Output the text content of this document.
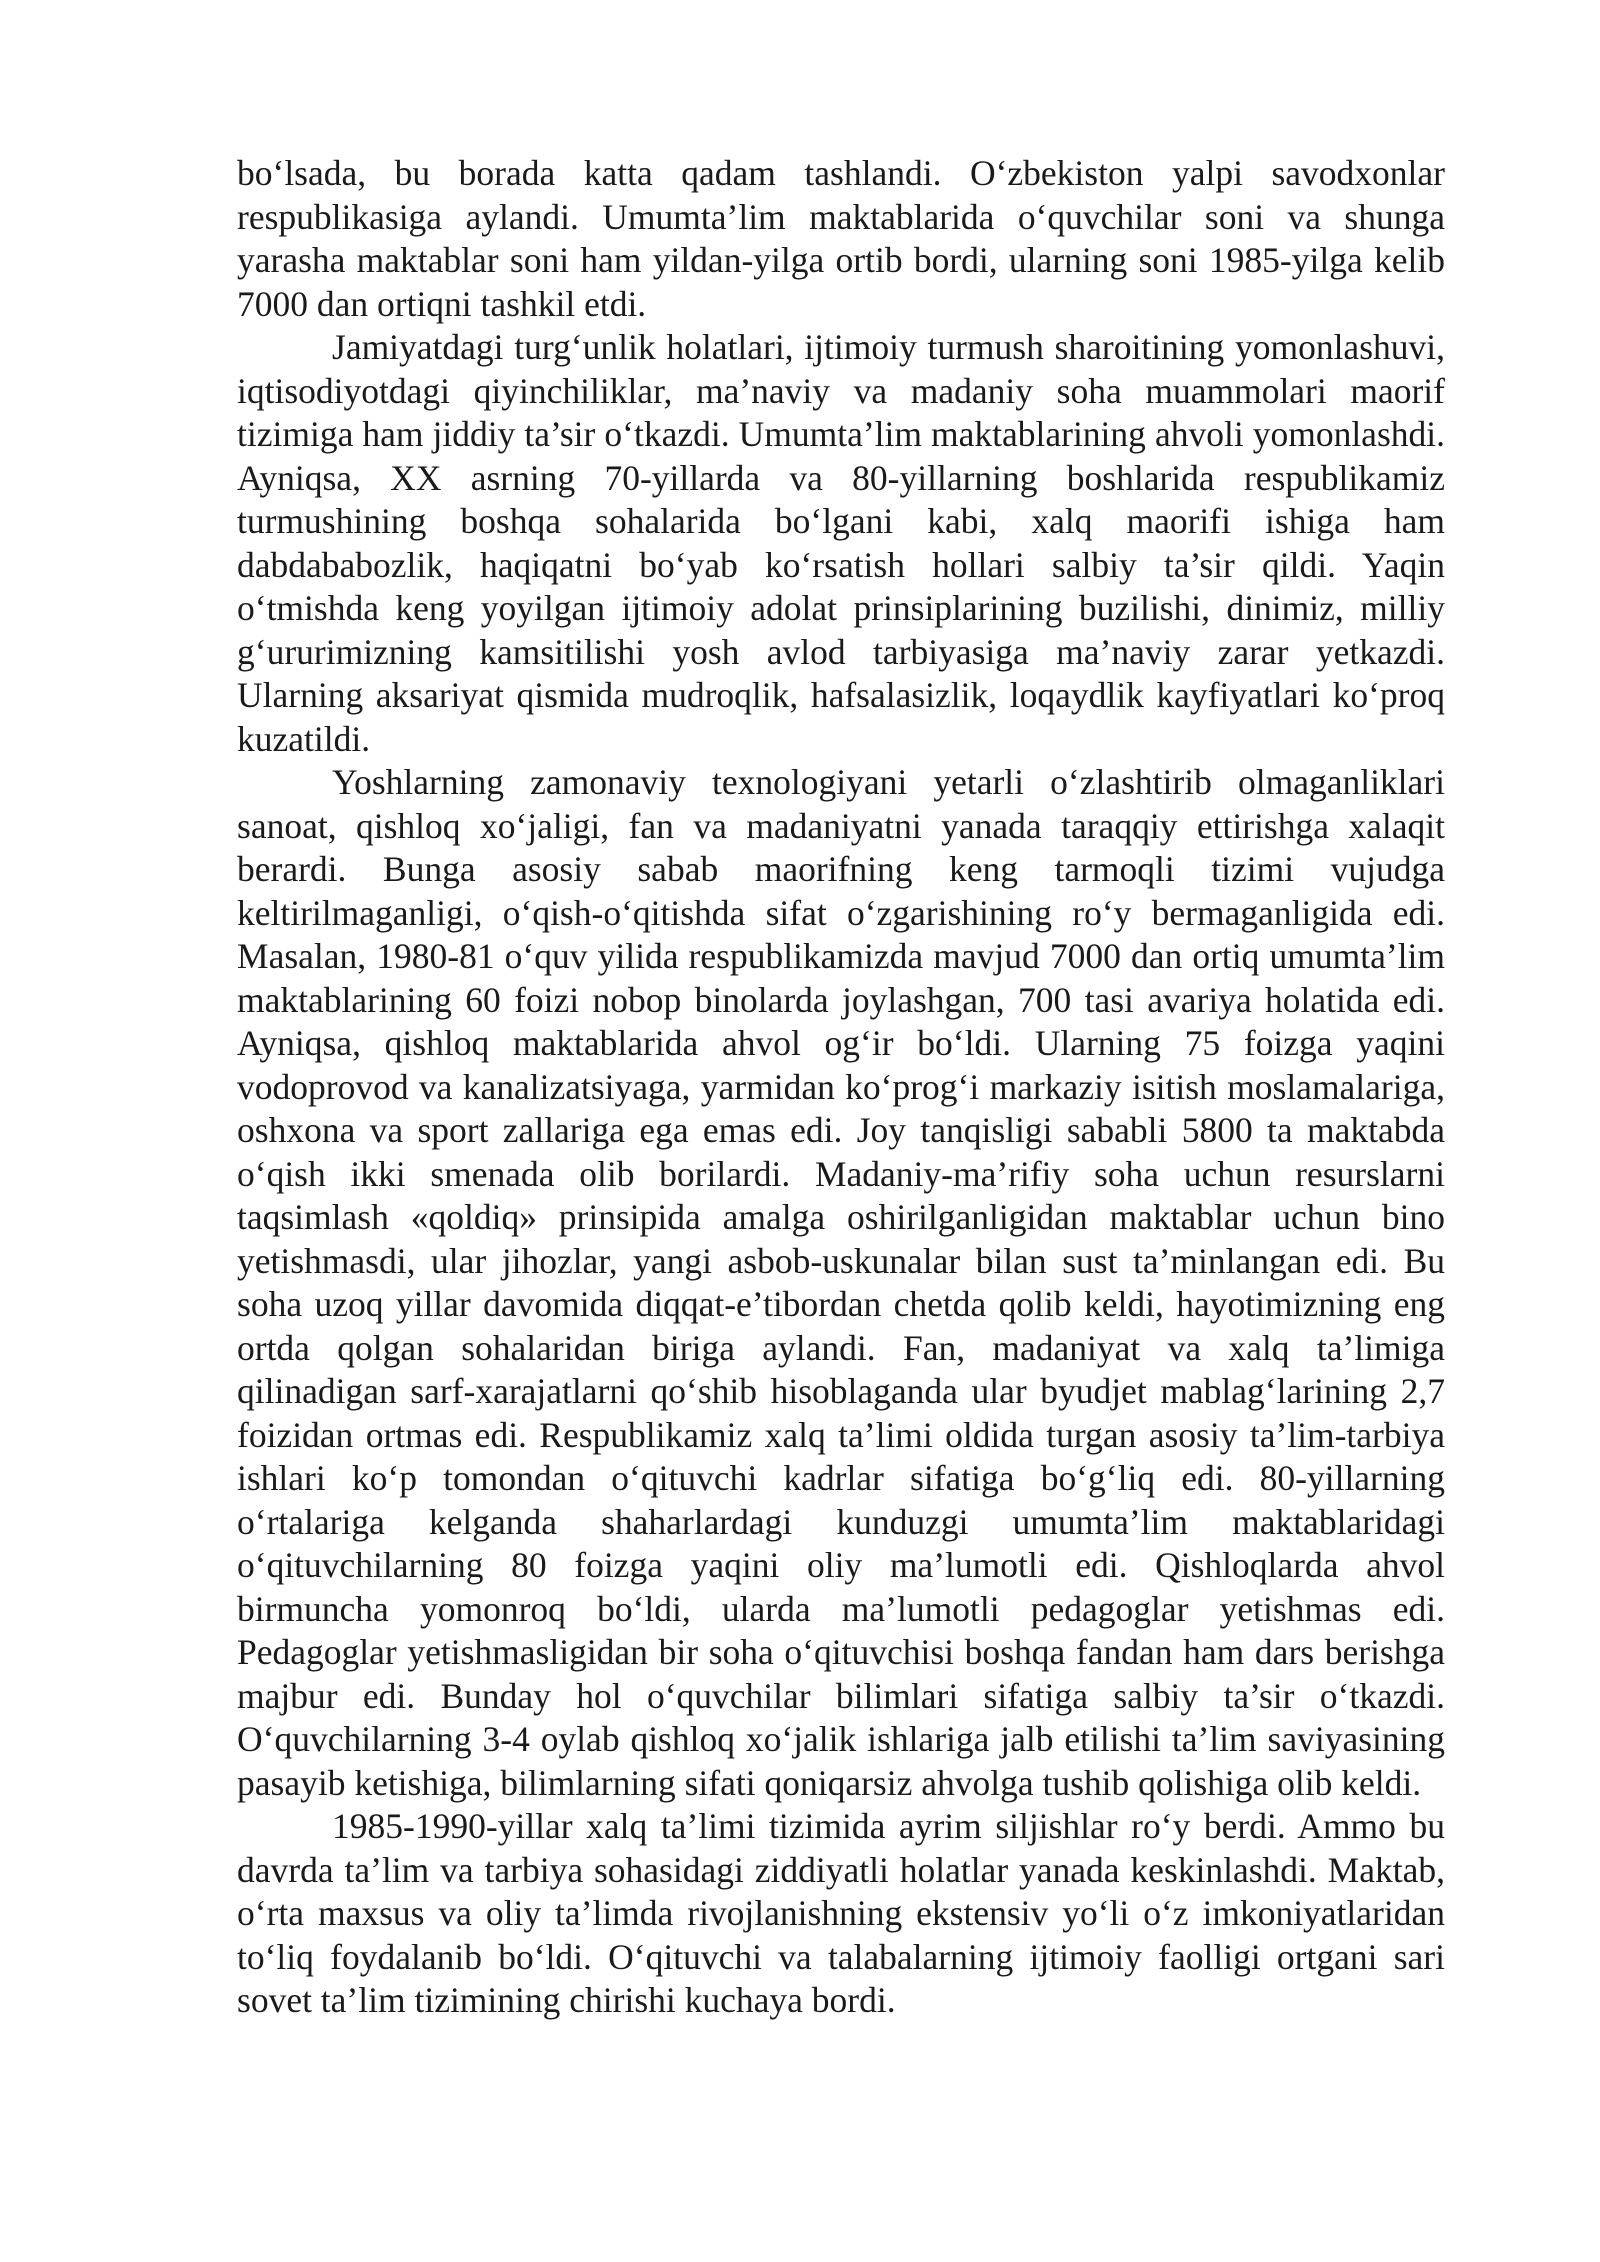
bo‘lsada, bu borada katta qadam tashlandi. O‘zbekiston yalpi savodxonlar respublikasiga aylandi. Umumta’lim maktablarida o‘quvchilar soni va shunga yarasha maktablar soni ham yildan-yilga ortib bordi, ularning soni 1985-yilga kelib 7000 dan ortiqni tashkil etdi.

Jamiyatdagi turg‘unlik holatlari, ijtimoiy turmush sharoitining yomonlashuvi, iqtisodiyotdagi qiyinchiliklar, ma’naviy va madaniy soha muammolari maorif tizimiga ham jiddiy ta’sir o‘tkazdi. Umumta’lim maktablarining ahvoli yomonlashdi. Ayniqsa, XX asrning 70-yillarda va 80-yillarning boshlarida respublikamiz turmushining boshqa sohalarida bo‘lgani kabi, xalq maorifi ishiga ham dabdababozlik, haqiqatni bo‘yab ko‘rsatish hollari salbiy ta’sir qildi. Yaqin o‘tmishda keng yoyilgan ijtimoiy adolat prinsiplarining buzilishi, dinimiz, milliy g‘ururimizning kamsitilishi yosh avlod tarbiyasiga ma’naviy zarar yetkazdi. Ularning aksariyat qismida mudroqlik, hafsalasizlik, loqaydlik kayfiyatlari ko‘proq kuzatildi.

Yoshlarning zamonaviy texnologiyani yetarli o‘zlashtirib olmaganliklari sanoat, qishloq xo‘jaligi, fan va madaniyatni yanada taraqqiy ettirishga xalaqit berardi. Bunga asosiy sabab maorifning keng tarmoqli tizimi vujudga keltirilmaganligi, o‘qish-o‘qitishda sifat o‘zgarishining ro‘y bermaganligida edi. Masalan, 1980-81 o‘quv yilida respublikamizda mavjud 7000 dan ortiq umumta’lim maktablarining 60 foizi nobop binolarda joylashgan, 700 tasi avariya holatida edi. Ayniqsa, qishloq maktablarida ahvol og‘ir bo‘ldi. Ularning 75 foizga yaqini vodoprovod va kanalizatsiyaga, yarmidan ko‘prog‘i markaziy isitish moslamalariga, oshxona va sport zallariga ega emas edi. Joy tanqisligi sababli 5800 ta maktabda o‘qish ikki smenada olib borilardi. Madaniy-ma’rifiy soha uchun resurslarni taqsimlash «qoldiq» prinsipida amalga oshirilganligidan maktablar uchun bino yetishmasdi, ular jihozlar, yangi asbob-uskunalar bilan sust ta’minlangan edi. Bu soha uzoq yillar davomida diqqat-e’tibordan chetda qolib keldi, hayotimizning eng ortda qolgan sohalaridan biriga aylandi. Fan, madaniyat va xalq ta’limiga qilinadigan sarf-xarajatlarni qo‘shib hisoblaganda ular byudjet mablag‘larining 2,7 foizidan ortmas edi. Respublikamiz xalq ta’limi oldida turgan asosiy ta’lim-tarbiya ishlari ko‘p tomondan o‘qituvchi kadrlar sifatiga bo‘g‘liq edi. 80-yillarning o‘rtalariga kelganda shaharlardagi kunduzgi umumta’lim maktablaridagi o‘qituvchilarning 80 foizga yaqini oliy ma’lumotli edi. Qishloqlarda ahvol birmuncha yomonroq bo‘ldi, ularda ma’lumotli pedagoglar yetishmas edi. Pedagoglar yetishmasligidan bir soha o‘qituvchisi boshqa fandan ham dars berishga majbur edi. Bunday hol o‘quvchilar bilimlari sifatiga salbiy ta’sir o‘tkazdi. O‘quvchilarning 3-4 oylab qishloq xo‘jalik ishlariga jalb etilishi ta’lim saviyasining pasayib ketishiga, bilimlarning sifati qoniqarsiz ahvolga tushib qolishiga olib keldi.

1985-1990-yillar xalq ta’limi tizimida ayrim siljishlar ro‘y berdi. Ammo bu davrda ta’lim va tarbiya sohasidagi ziddiyatli holatlar yanada keskinlashdi. Maktab, o‘rta maxsus va oliy ta’limda rivojlanishning ekstensiv yo‘li o‘z imkoniyatlaridan to‘liq foydalanib bo‘ldi. O‘qituvchi va talabalarning ijtimoiy faolligi ortgani sari sovet ta’lim tizimining chirishi kuchaya bordi.
